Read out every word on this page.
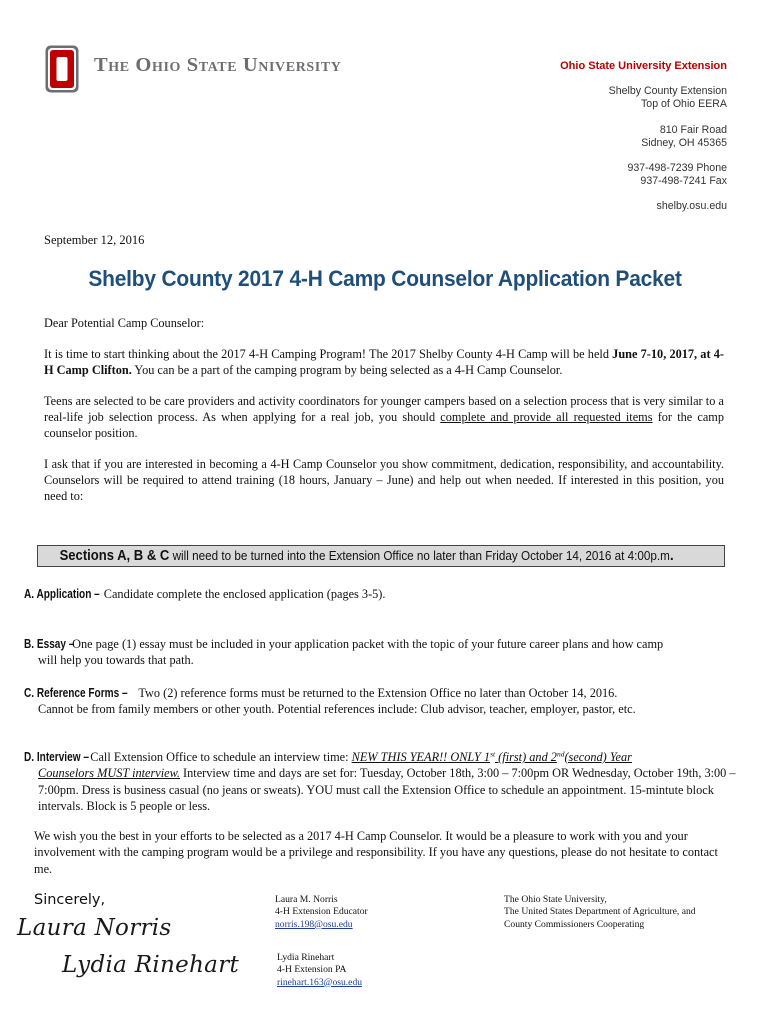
The Ohio State University	Ohio State University Extension
Shelby County Extension
Top of Ohio EERA
810 Fair Road
Sidney, OH 45365
937-498-7239 Phone
937-498-7241 Fax
shelby.osu.edu
September 12, 2016
Shelby County 2017 4-H Camp Counselor Application Packet

Dear Potential Camp Counselor:

It is time to start thinking about the 2017 4-H Camping Program! The 2017 Shelby County 4-H Camp will be held June 7-10, 2017, at 4-H Camp Clifton. You can be a part of the camping program by being selected as a 4-H Camp Counselor.

Teens are selected to be care providers and activity coordinators for younger campers based on a selection process that is very similar to a real-life job selection process. As when applying for a real job, you should complete and provide all requested items for the camp counselor position.

I ask that if you are interested in becoming a 4-H Camp Counselor you show commitment, dedication, responsibility, and accountability. Counselors will be required to attend training (18 hours, January – June) and help out when needed. If interested in this position, you need to:

Sections A, B & C will need to be turned into the Extension Office no later than Friday October 14, 2016 at 4:00p.m.
A. Application – Candidate complete the enclosed application (pages 3-5).
B. Essay – One page (1) essay must be included in your application packet with the topic of your future career plans and how camp
will help you towards that path.
C. Reference Forms – Two (2) reference forms must be returned to the Extension Office no later than October 14, 2016.
Cannot be from family members or other youth. Potential references include: Club advisor, teacher, employer, pastor, etc.
D. Interview – Call Extension Office to schedule an interview time: NEW THIS YEAR!! ONLY 1st (first) and 2nd(second) Year
Counselors MUST interview. Interview time and days are set for: Tuesday, October 18th, 3:00 – 7:00pm OR Wednesday, October 19th, 3:00 – 7:00pm. Dress is business casual (no jeans or sweats). YOU must call the Extension Office to schedule an appointment. 15-mintute block intervals. Block is 5 people or less.
We wish you the best in your efforts to be selected as a 2017 4-H Camp Counselor. It would be a pleasure to work with you and your involvement with the camping program would be a privilege and responsibility. If you have any questions, please do not hesitate to contact me.
Sincerely,
Laura Norris
Lydia Rinehart
Laura M. Norris
4-H Extension Educator
norris.198@osu.edu
Lydia Rinehart
4-H Extension PA
rinehart.163@osu.edu
The Ohio State University,
The United States Department of Agriculture, and
County Commissioners Cooperating
